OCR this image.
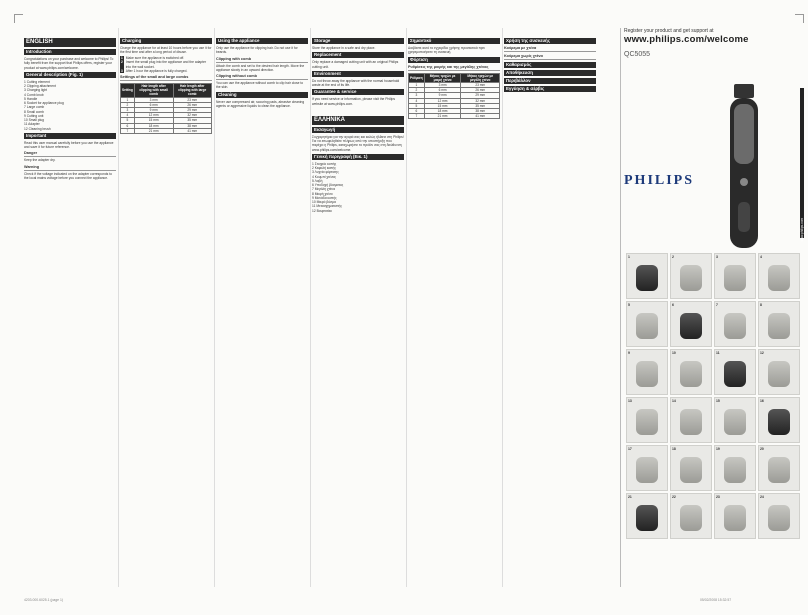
ENGLISH
Introduction

Congratulations on your purchase and welcome to Philips! To fully benefit from the support that Philips offers, register your product at www.philips.com/welcome.

General description (Fig. 1)
1 Cutting element
2 Clipping attachment
3 Charging light
4 Comb knob
5 Handle
6 Socket for appliance plug
7 Large comb
8 Small comb
9 Cutting unit
10 Small plug
11 Adapter
12 Cleaning brush
Important

Read this user manual carefully before you use the appliance and save it for future reference.

Danger

Keep the adapter dry.

Warning

Check if the voltage indicated on the adapter corresponds to the local mains voltage before you connect the appliance.

Charging

Charge the appliance for at least 10 hours before you use it for the first time and after a long period of disuse.

1 Make sure the appliance is switched off.
2 Insert the small plug into the appliance and the adapter into the wall socket.
3 After 1 hour the appliance is fully charged.
Settings of the small and large combs
Setting	Hair length after clipping with small comb	Hair length after clipping with large comb
1	3 mm	23 mm
2	6 mm	26 mm
3	9 mm	29 mm
4	12 mm	32 mm
5	15 mm	35 mm
6	18 mm	38 mm
7	21 mm	41 mm
Using the appliance

Only use the appliance for clipping hair. Do not use it for beards.

Clipping with comb

Attach the comb and set to the desired hair length. Move the appliance slowly in an upward direction.

Clipping without comb

You can use the appliance without comb to clip hair close to the skin.

Cleaning

Never use compressed air, scouring pads, abrasive cleaning agents or aggressive liquids to clean the appliance.

Storage

Store the appliance in a safe and dry place.

Replacement

Only replace a damaged cutting unit with an original Philips cutting unit.

Environment

Do not throw away the appliance with the normal household waste at the end of its life.

Guarantee & service

If you need service or information, please visit the Philips website at www.philips.com.

ΕΛΛΗΝΙΚΑ
Εισαγωγή

Συγχαρητήρια για την αγορά σας και καλώς ήλθατε στη Philips! Για να επωφεληθείτε πλήρως από την υποστήριξη που παρέχει η Philips, καταχωρήστε το προϊόν σας στη διεύθυνση www.philips.com/welcome.

Γενική περιγραφή (Εικ. 1)
1 Στοιχείο κοπής
2 Κεφαλή κοπής
3 Λυχνία φόρτισης
4 Κουμπί χτένας
5 Λαβή
6 Υποδοχή βύσματος
7 Μεγάλη χτένα
8 Μικρή χτένα
9 Μονάδα κοπής
10 Μικρό βύσμα
11 Μετασχηματιστής
12 Βουρτσάκι
Σημαντικό

Διαβάστε αυτό το εγχειρίδιο χρήσης προσεκτικά πριν χρησιμοποιήσετε τη συσκευή.

Φόρτιση
Ρυθμίσεις της μικρής και της μεγάλης χτένας
Ρύθμιση	Μήκος τριχών με μικρή χτένα	Μήκος τριχών με μεγάλη χτένα
1	3 mm	23 mm
2	6 mm	26 mm
3	9 mm	29 mm
4	12 mm	32 mm
5	15 mm	35 mm
6	18 mm	38 mm
7	21 mm	41 mm
Χρήση της συσκευής
Κούρεμα με χτένα
Κούρεμα χωρίς χτένα
Καθαρισμός
Αποθήκευση
Περιβάλλον
Εγγύηση & σέρβις
Register your product and get support at
www.philips.com/welcome
QC5055
PHILIPS
www.philips.com
1	2	3	4
5	6	7	8
9	10	11	12
13	14	15	16
17	18	19	20
21	22	23	24
4203.000.6025.1 (page 1)	05/02/2008 15:32:57
